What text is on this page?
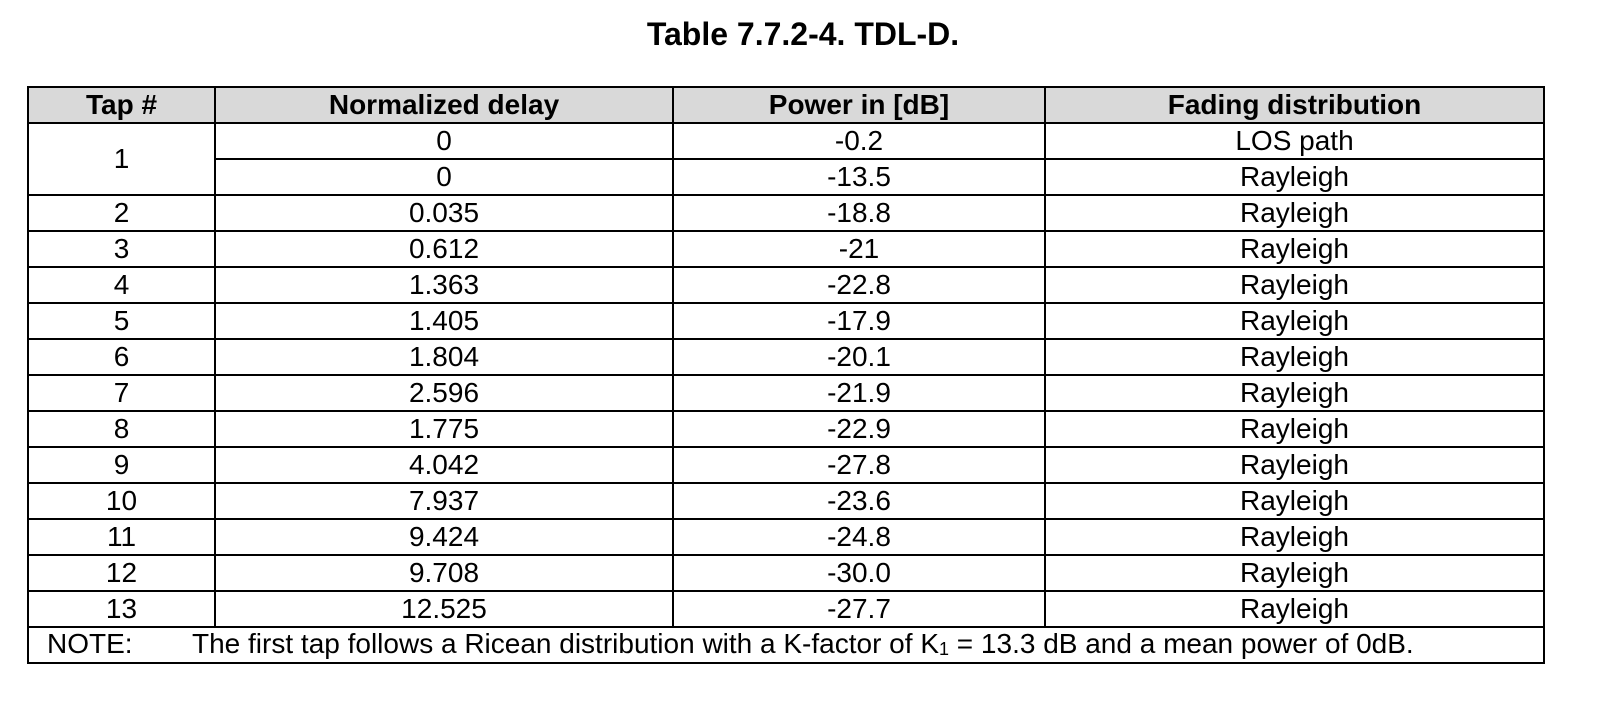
Table 7.7.2-4. TDL-D.
Tap #	Normalized delay	Power in [dB]	Fading distribution
1	0	-0.2	LOS path
	0	-13.5	Rayleigh
2	0.035	-18.8	Rayleigh
3	0.612	-21	Rayleigh
4	1.363	-22.8	Rayleigh
5	1.405	-17.9	Rayleigh
6	1.804	-20.1	Rayleigh
7	2.596	-21.9	Rayleigh
8	1.775	-22.9	Rayleigh
9	4.042	-27.8	Rayleigh
10	7.937	-23.6	Rayleigh
11	9.424	-24.8	Rayleigh
12	9.708	-30.0	Rayleigh
13	12.525	-27.7	Rayleigh
NOTE: The first tap follows a Ricean distribution with a K-factor of $K_1 = 13.3$ dB and a mean power of 0dB.			
